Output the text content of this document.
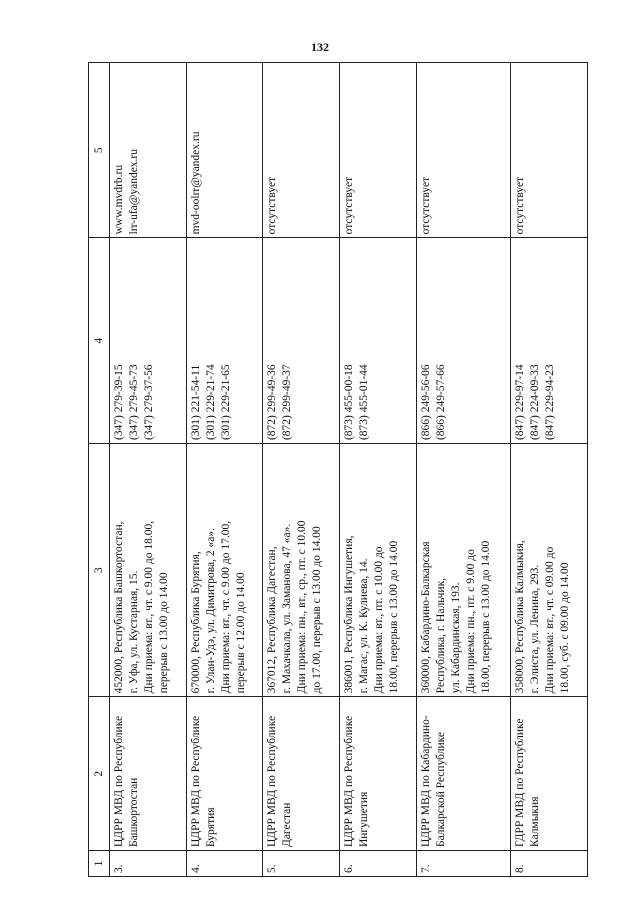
132
1	2	3	4	5
3.	ЦДРР МВД по Республике Башкортостан	452000, Республика Башкортостан, г. Уфа, ул. Кустарная, 15. Дни приема: вт., чт. с 9.00 до 18.00, перерыв с 13.00 до 14.00	(347) 279-39-15 (347) 279-45-73 (347) 279-37-56	www.mvdrb.ru lrr-ufa@yandex.ru

4.	ЦДРР МВД по Республике Бурятия	670000, Республика Бурятия, г. Улан-Удэ, ул. Димитрова, 2 «а». Дни приема: вт., чт. с 9.00 до 17.00, перерыв с 12.00 до 14.00	(301) 221-54-11 (301) 229-21-74 (301) 229-21-65	mvd-oolrr@yandex.ru

5.	ЦДРР МВД по Республике Дагестан	367012, Республика Дагестан, г. Махачкала, ул. Заманова, 47 «а». Дни приема: пн., вт., ср., пт. с 10.00 до 17.00, перерыв с 13.00 до 14.00	(872) 299-49-36 (872) 299-49-37	отсутствует

6.	ЦДРР МВД по Республике Ингушетия	386001, Республика Ингушетия, г. Магас, ул. К. Кулиева, 14. Дни приема: вт., пт. с 10.00 до 18.00, перерыв с 13.00 до 14.00	(873) 455-00-18 (873) 455-01-44	отсутствует

7.	ЦДРР МВД по Кабардино-Балкарской Республике	360000, Кабардино-Балкарская Республика, г. Нальчик, ул. Кабардинская, 193. Дни приема: пн., пт. с 9.00 до 18.00, перерыв с 13.00 до 14.00	(866) 249-56-06 (866) 249-57-66	отсутствует

8.	ГДРР МВД по Республике Калмыкия	358000, Республика Калмыкия, г. Элиста, ул. Ленина, 293. Дни приема: вт., чт. с 09.00 до 18.00, суб. с 09.00 до 14.00	(847) 229-97-14 (847) 224-09-33 (847) 229-94-23	отсутствует
